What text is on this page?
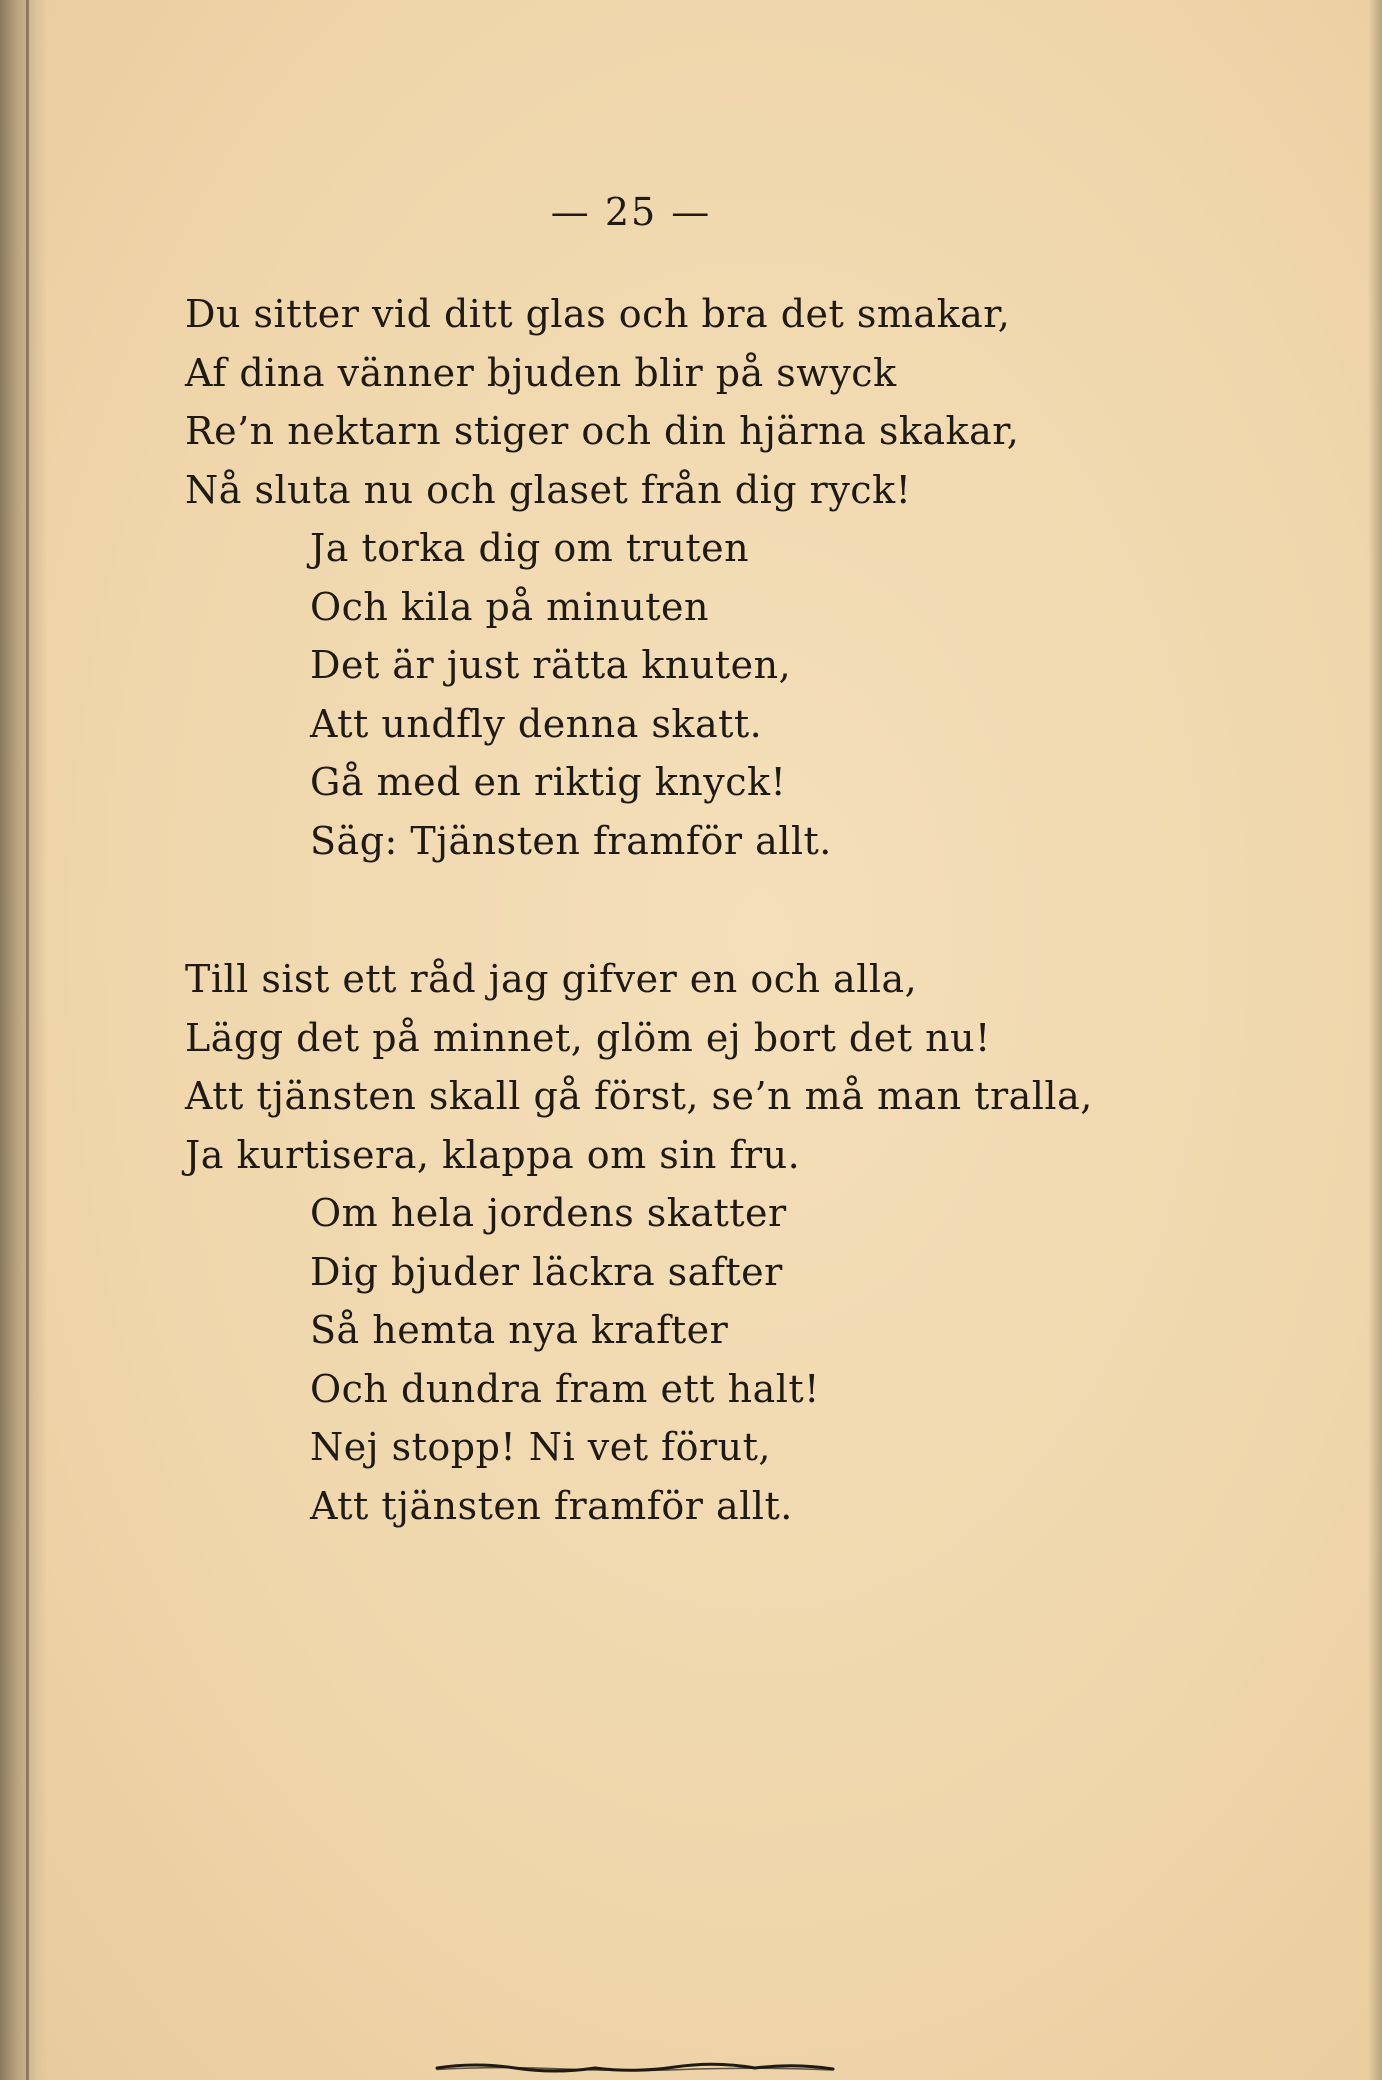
— 25 —
Du sitter vid ditt glas och bra det smakar,
Af dina vänner bjuden blir på swyck
Re’n nektarn stiger och din hjärna skakar,
Nå sluta nu och glaset från dig ryck!
Ja torka dig om truten
Och kila på minuten
Det är just rätta knuten,
Att undfly denna skatt.
Gå med en riktig knyck!
Säg: Tjänsten framför allt.
Till sist ett råd jag gifver en och alla,
Lägg det på minnet, glöm ej bort det nu!
Att tjänsten skall gå först, se’n må man tralla,
Ja kurtisera, klappa om sin fru.
Om hela jordens skatter
Dig bjuder läckra safter
Så hemta nya krafter
Och dundra fram ett halt!
Nej stopp! Ni vet förut,
Att tjänsten framför allt.
